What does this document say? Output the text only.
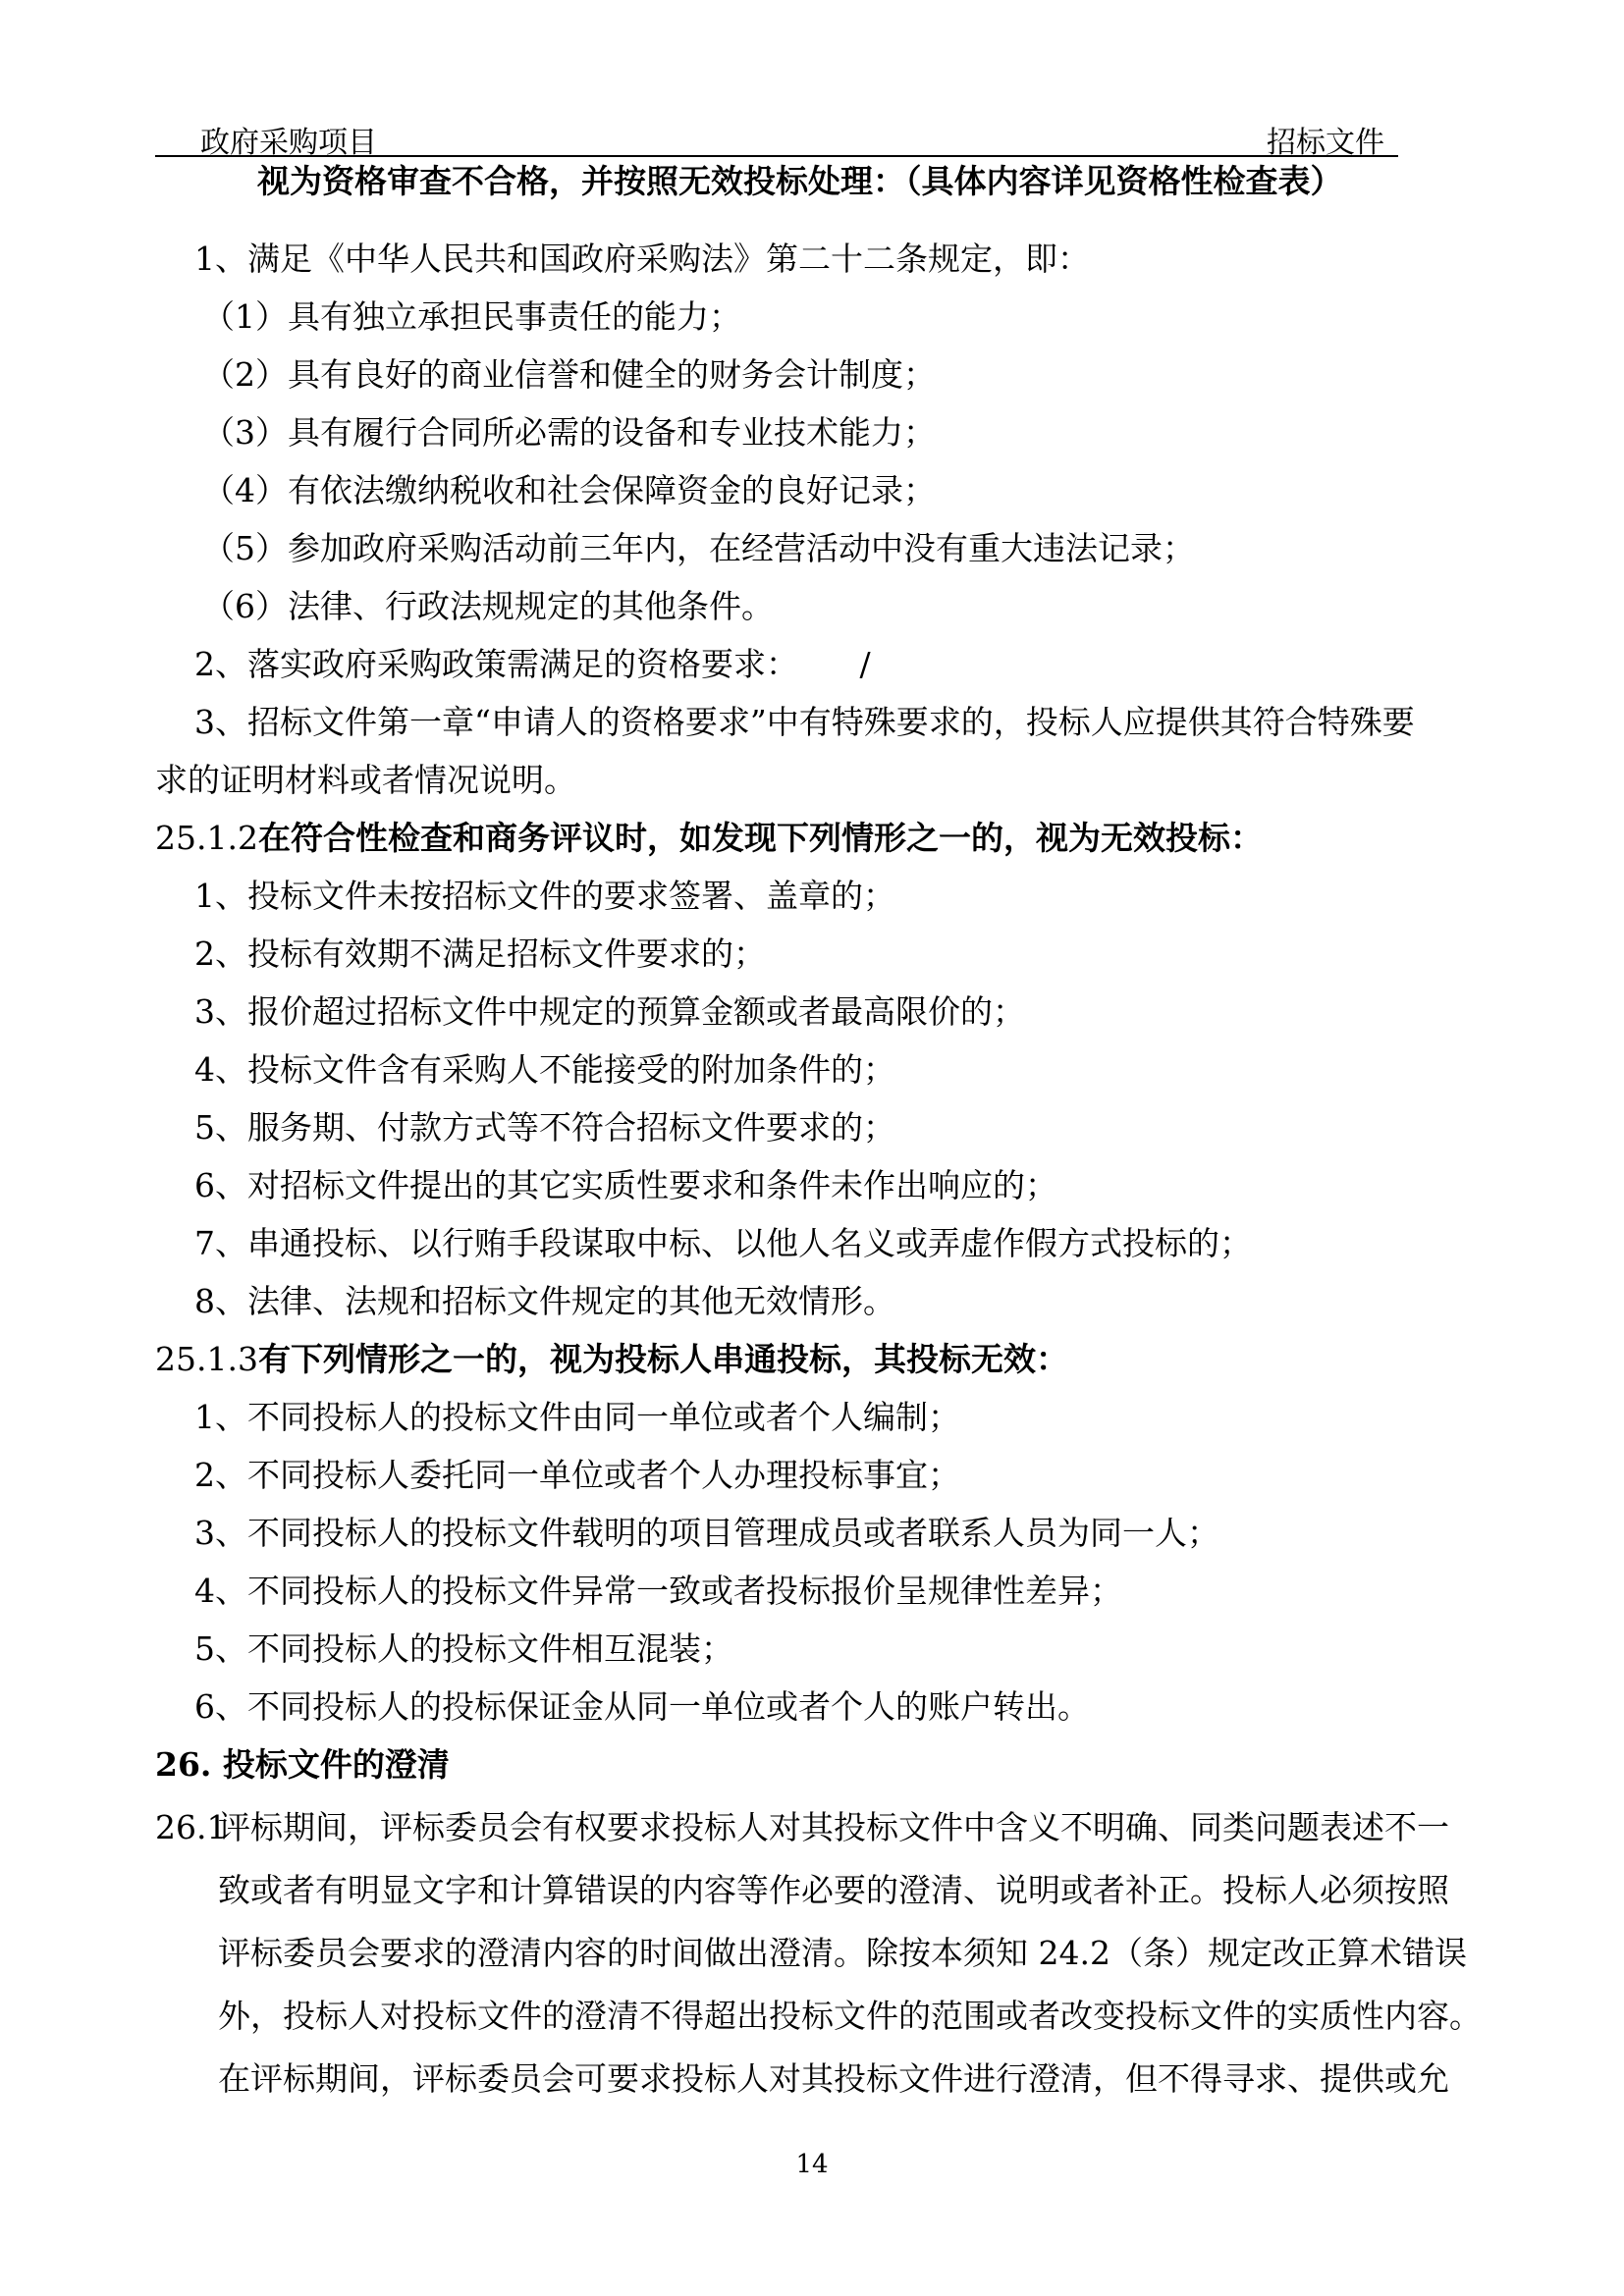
政府采购项目	招标文件
视为资格审查不合格，并按照无效投标处理：（具体内容详见资格性检查表）
1、满足《中华人民共和国政府采购法》第二十二条规定，即：
（1）具有独立承担民事责任的能力；
（2）具有良好的商业信誉和健全的财务会计制度；
（3）具有履行合同所必需的设备和专业技术能力；
（4）有依法缴纳税收和社会保障资金的良好记录；
（5）参加政府采购活动前三年内，在经营活动中没有重大违法记录；
（6）法律、行政法规规定的其他条件。
2、落实政府采购政策需满足的资格要求： /
3、招标文件第一章“申请人的资格要求”中有特殊要求的，投标人应提供其符合特殊要
求的证明材料或者情况说明。
25.1.2在符合性检查和商务评议时，如发现下列情形之一的，视为无效投标：
1、投标文件未按招标文件的要求签署、盖章的；
2、投标有效期不满足招标文件要求的；
3、报价超过招标文件中规定的预算金额或者最高限价的；
4、投标文件含有采购人不能接受的附加条件的；
5、服务期、付款方式等不符合招标文件要求的；
6、对招标文件提出的其它实质性要求和条件未作出响应的；
7、串通投标、以行贿手段谋取中标、以他人名义或弄虚作假方式投标的；
8、法律、法规和招标文件规定的其他无效情形。
25.1.3有下列情形之一的，视为投标人串通投标，其投标无效：
1、不同投标人的投标文件由同一单位或者个人编制；
2、不同投标人委托同一单位或者个人办理投标事宜；
3、不同投标人的投标文件载明的项目管理成员或者联系人员为同一人；
4、不同投标人的投标文件异常一致或者投标报价呈规律性差异；
5、不同投标人的投标文件相互混装；
6、不同投标人的投标保证金从同一单位或者个人的账户转出。
26. 投标文件的澄清
26.1
评标期间，评标委员会有权要求投标人对其投标文件中含义不明确、同类问题表述不一
致或者有明显文字和计算错误的内容等作必要的澄清、说明或者补正。投标人必须按照
评标委员会要求的澄清内容的时间做出澄清。除按本须知 24.2（条）规定改正算术错误
外，投标人对投标文件的澄清不得超出投标文件的范围或者改变投标文件的实质性内容。
在评标期间，评标委员会可要求投标人对其投标文件进行澄清，但不得寻求、提供或允
14
